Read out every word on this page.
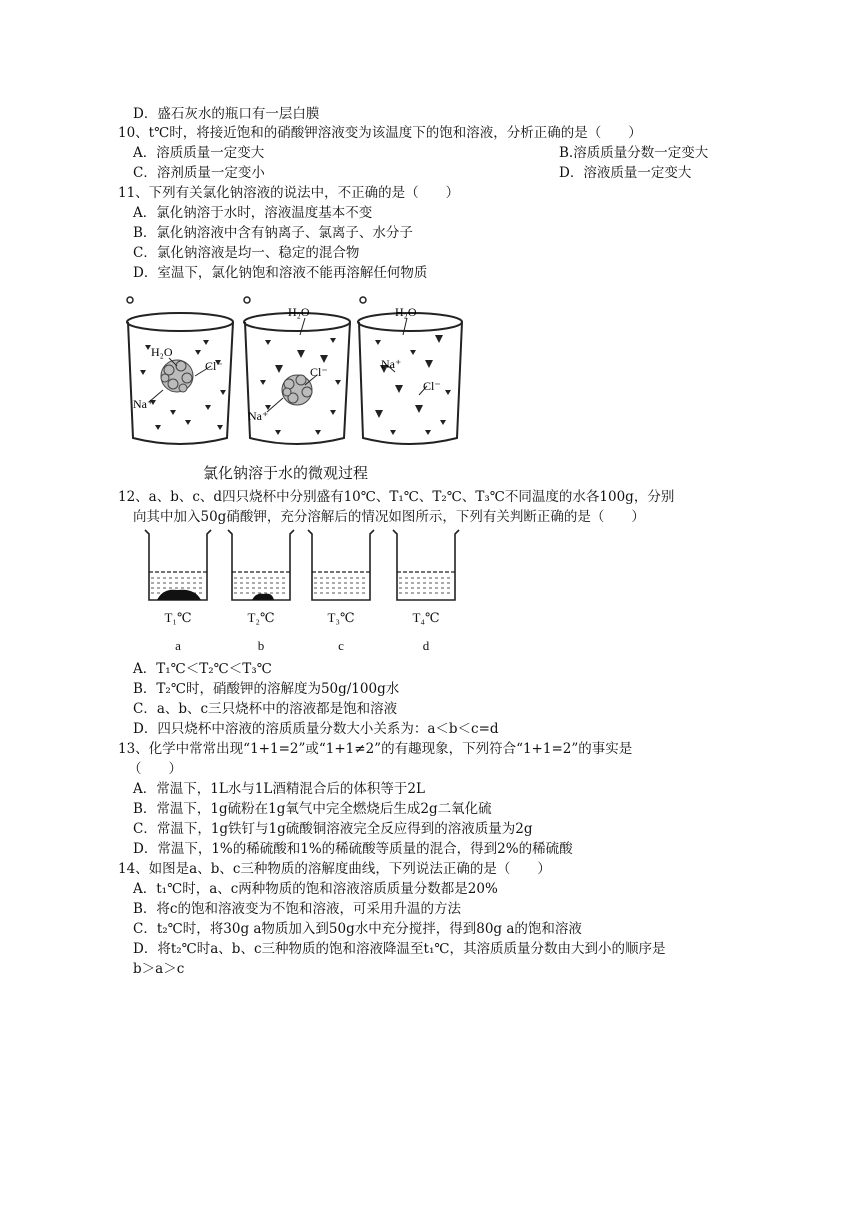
D．盛石灰水的瓶口有一层白膜
10、t℃时，将接近饱和的硝酸钾溶液变为该温度下的饱和溶液，分析正确的是（　　）
A．溶质质量一定变大	B.溶质质量分数一定变大
C．溶剂质量一定变小	D．溶液质量一定变大
11、下列有关氯化钠溶液的说法中，不正确的是（　　）
A．氯化钠溶于水时，溶液温度基本不变
B．氯化钠溶液中含有钠离子、氯离子、水分子
C．氯化钠溶液是均一、稳定的混合物
D．室温下，氯化钠饱和溶液不能再溶解任何物质
H₂O
Cl⁻
Na⁺
H₂O
Cl⁻
Na⁺
H₂O
Na⁺
Cl⁻
氯化钠溶于水的微观过程
12、a、b、c、d四只烧杯中分别盛有10℃、T₁℃、T₂℃、T₃℃不同温度的水各100g，分别
向其中加入50g硝酸钾，充分溶解后的情况如图所示，下列有关判断正确的是（　　）
T₁℃
a
T₂℃
b
T₃℃
c
T₄℃
d
A．T₁℃＜T₂℃＜T₃℃
B．T₂℃时，硝酸钾的溶解度为50g/100g水
C．a、b、c三只烧杯中的溶液都是饱和溶液
D．四只烧杯中溶液的溶质质量分数大小关系为：a＜b＜c=d
13、化学中常常出现“1+1=2”或“1+1≠2”的有趣现象，下列符合“1+1=2”的事实是
（　　）
A．常温下，1L水与1L酒精混合后的体积等于2L
B．常温下，1g硫粉在1g氧气中完全燃烧后生成2g二氧化硫
C．常温下，1g铁钉与1g硫酸铜溶液完全反应得到的溶液质量为2g
D．常温下，1%的稀硫酸和1%的稀硫酸等质量的混合，得到2%的稀硫酸
14、如图是a、b、c三种物质的溶解度曲线，下列说法正确的是（　　）
A．t₁℃时，a、c两种物质的饱和溶液溶质质量分数都是20%
B．将c的饱和溶液变为不饱和溶液，可采用升温的方法
C．t₂℃时，将30g a物质加入到50g水中充分搅拌，得到80g a的饱和溶液
D．将t₂℃时a、b、c三种物质的饱和溶液降温至t₁℃，其溶质质量分数由大到小的顺序是
b＞a＞c
